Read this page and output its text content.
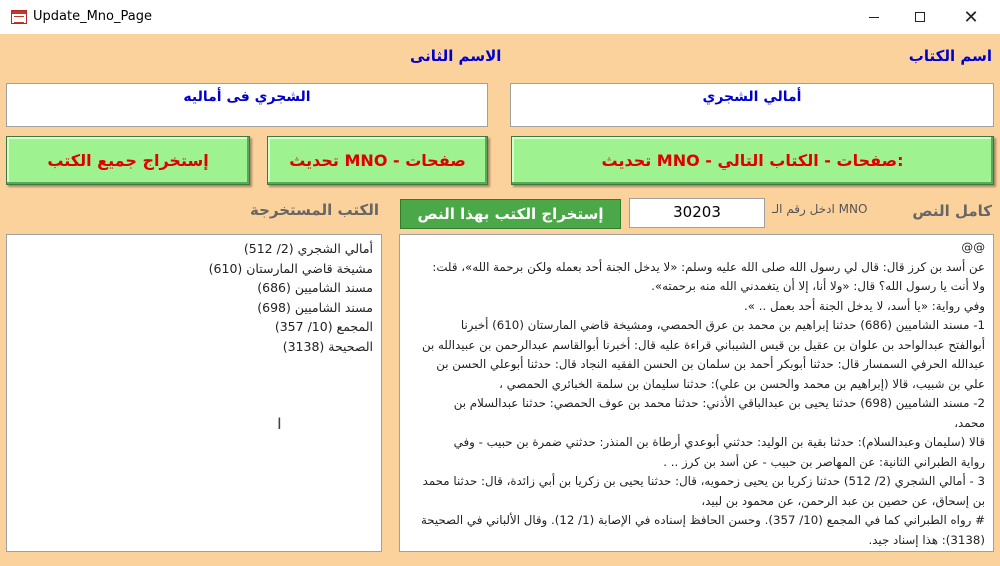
Update_Mno_Page	✕
اسم الكتاب
الاسم الثانى
الشجري فى أماليه	أمالي الشجري
إستخراج جميع الكتب	تحديث MNO - صفحات	تحديث MNO - صفحات - الكتاب التالي:
الكتب المستخرجة	إستخراج الكتب بهذا النص	30203	ادخل رقم الـ MNO	كامل النص
أمالي الشجري (2/ 512)
مشيخة قاضي المارستان (610)
مسند الشاميين (686)
مسند الشاميين (698)
المجمع (10/ 357)
الصحيحة (3138)
I
@@
عن أسد بن كرز قال: قال لي رسول الله صلى الله عليه وسلم: «لا يدخل الجنة أحد بعمله ولكن برحمة الله»، قلت:
ولا أنت يا رسول الله؟ قال: «ولا أنا، إلا أن يتغمدني الله منه برحمته».
وفي رواية: «يا أسد، لا يدخل الجنة أحد بعمل .. ».
1- مسند الشاميين (686) حدثنا إبراهيم بن محمد بن عرق الحمصي، ومشيخة قاضي المارستان (610) أخبرنا
أبوالفتح عبدالواحد بن علوان بن عقيل بن قيس الشيباني قراءة عليه قال: أخبرنا أبوالقاسم عبدالرحمن بن عبيدالله بن
عبدالله الحرفي السمسار قال: حدثنا أبوبكر أحمد بن سلمان بن الحسن الفقيه النجاد قال: حدثنا أبوعلي الحسن بن
علي بن شبيب، قالا (إبراهيم بن محمد والحسن بن علي): حدثنا سليمان بن سلمة الخبائري الحمصي ،
2- مسند الشاميين (698) حدثنا يحيى بن عبدالباقي الأذني: حدثنا محمد بن عوف الحمصي: حدثنا عبدالسلام بن
محمد،
قالا (سليمان وعبدالسلام): حدثنا بقية بن الوليد: حدثني أبوعدي أرطاة بن المنذر: حدثني ضمرة بن حبيب - وفي
رواية الطبراني الثانية: عن المهاصر بن حبيب - عن أسد بن كرز .. .
3 - أمالي الشجري (2/ 512) حدثنا زكريا بن يحيى زحمويه، قال: حدثنا يحيى بن زكريا بن أبي زائدة، قال: حدثنا محمد
بن إسحاق، عن حصين بن عبد الرحمن، عن محمود بن لبيد،
# رواه الطبراني كما في المجمع (10/ 357). وحسن الحافظ إسناده في الإصابة (1/ 12). وقال الألباني في الصحيحة
(3138): هذا إسناد جيد.
